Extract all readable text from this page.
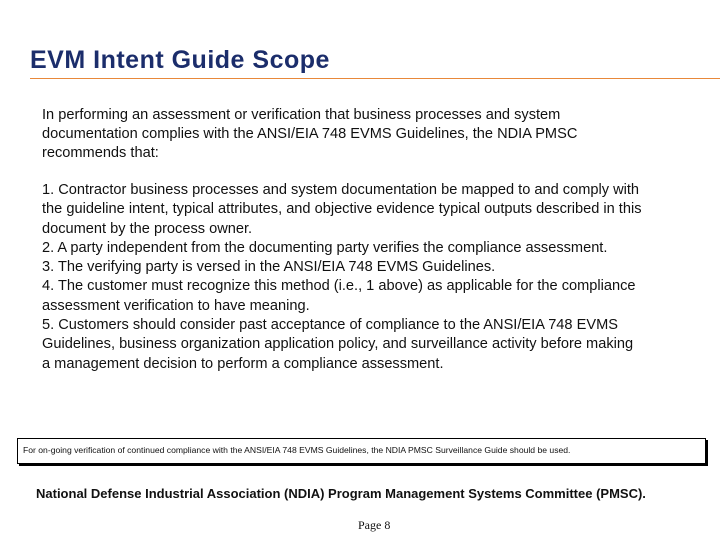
EVM Intent Guide Scope
In performing an assessment or verification that business processes and system documentation complies with the ANSI/EIA 748 EVMS Guidelines, the NDIA PMSC recommends that:

1. Contractor business processes and system documentation be mapped to and comply with the guideline intent, typical attributes, and objective evidence typical outputs described in this document by the process owner.

2. A party independent from the documenting party verifies the compliance assessment.

3. The verifying party is versed in the ANSI/EIA 748 EVMS Guidelines.

4. The customer must recognize this method (i.e., 1 above) as applicable for the compliance assessment verification to have meaning.

5. Customers should consider past acceptance of compliance to the ANSI/EIA 748 EVMS Guidelines, business organization application policy, and surveillance activity before making a management decision to perform a compliance assessment.

For on-going verification of continued compliance with the ANSI/EIA 748 EVMS Guidelines, the NDIA PMSC Surveillance Guide should be used.
National Defense Industrial Association (NDIA) Program Management Systems Committee (PMSC).
Page 8
